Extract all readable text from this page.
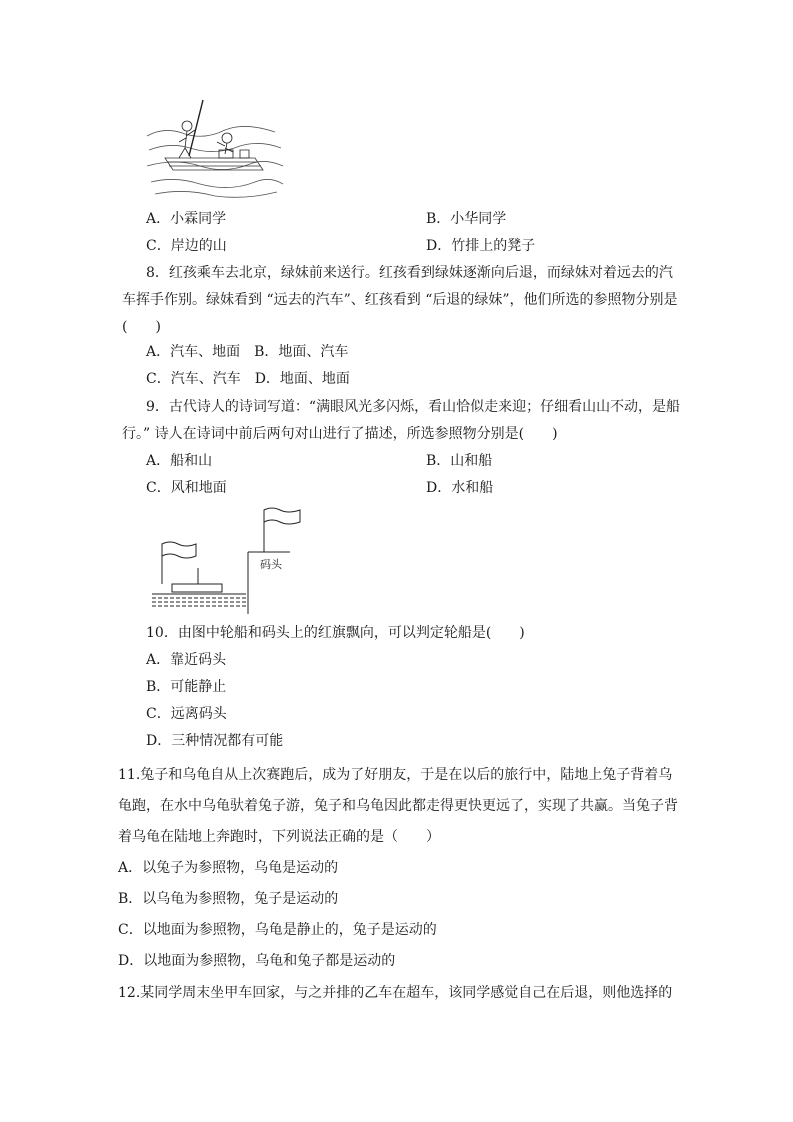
A．小霖同学	B．小华同学
C．岸边的山	D．竹排上的凳子
8．红孩乘车去北京，绿妹前来送行。红孩看到绿妹逐渐向后退，而绿妹对着远去的汽
车挥手作别。绿妹看到 “远去的汽车”、红孩看到 “后退的绿妹”，他们所选的参照物分别是
(　　)
A．汽车、地面　B．地面、汽车
C．汽车、汽车　D．地面、地面
9．古代诗人的诗词写道：“满眼风光多闪烁，看山恰似走来迎；仔细看山山不动，是船
行。” 诗人在诗词中前后两句对山进行了描述，所选参照物分别是(　　)
A．船和山	B．山和船
C．风和地面	D．水和船
码头
10．由图中轮船和码头上的红旗飘向，可以判定轮船是(　　)
A．靠近码头
B．可能静止
C．远离码头
D．三种情况都有可能
11.兔子和乌龟自从上次赛跑后，成为了好朋友，于是在以后的旅行中，陆地上兔子背着乌
龟跑，在水中乌龟驮着兔子游，兔子和乌龟因此都走得更快更远了，实现了共赢。当兔子背
着乌龟在陆地上奔跑时，下列说法正确的是（　　）
A．以兔子为参照物，乌龟是运动的
B．以乌龟为参照物，兔子是运动的
C．以地面为参照物，乌龟是静止的，兔子是运动的
D．以地面为参照物，乌龟和兔子都是运动的
12.某同学周末坐甲车回家，与之并排的乙车在超车，该同学感觉自己在后退，则他选择的
